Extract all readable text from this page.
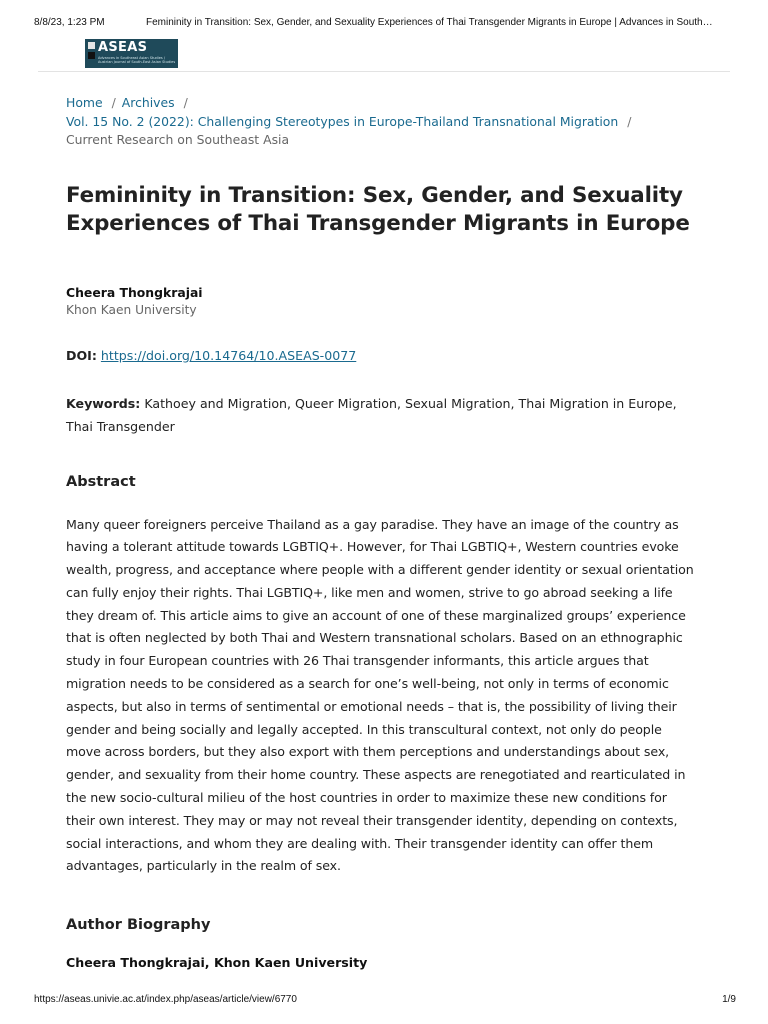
8/8/23, 1:23 PM	Femininity in Transition: Sex, Gender, and Sexuality Experiences of Thai Transgender Migrants in Europe | Advances in South…
ASEAS
Advances in Southeast Asian Studies / Austrian Journal of South-East Asian Studies
Home / Archives /
Vol. 15 No. 2 (2022): Challenging Stereotypes in Europe-Thailand Transnational Migration /
Current Research on Southeast Asia
Femininity in Transition: Sex, Gender, and Sexuality Experiences of Thai Transgender Migrants in Europe
Cheera Thongkrajai
Khon Kaen University
DOI: https://doi.org/10.14764/10.ASEAS-0077
Keywords: Kathoey and Migration, Queer Migration, Sexual Migration, Thai Migration in Europe, Thai Transgender
Abstract

Many queer foreigners perceive Thailand as a gay paradise. They have an image of the country as having a tolerant attitude towards LGBTIQ+. However, for Thai LGBTIQ+, Western countries evoke wealth, progress, and acceptance where people with a different gender identity or sexual orientation can fully enjoy their rights. Thai LGBTIQ+, like men and women, strive to go abroad seeking a life they dream of. This article aims to give an account of one of these marginalized groups’ experience that is often neglected by both Thai and Western transnational scholars. Based on an ethnographic study in four European countries with 26 Thai transgender informants, this article argues that migration needs to be considered as a search for one’s well-being, not only in terms of economic aspects, but also in terms of sentimental or emotional needs – that is, the possibility of living their gender and being socially and legally accepted. In this transcultural context, not only do people move across borders, but they also export with them perceptions and understandings about sex, gender, and sexuality from their home country. These aspects are renegotiated and rearticulated in the new socio-cultural milieu of the host countries in order to maximize these new conditions for their own interest. They may or may not reveal their transgender identity, depending on contexts, social interactions, and whom they are dealing with. Their transgender identity can offer them advantages, particularly in the realm of sex.

Author Biography
Cheera Thongkrajai, Khon Kaen University
https://aseas.univie.ac.at/index.php/aseas/article/view/6770	1/9
